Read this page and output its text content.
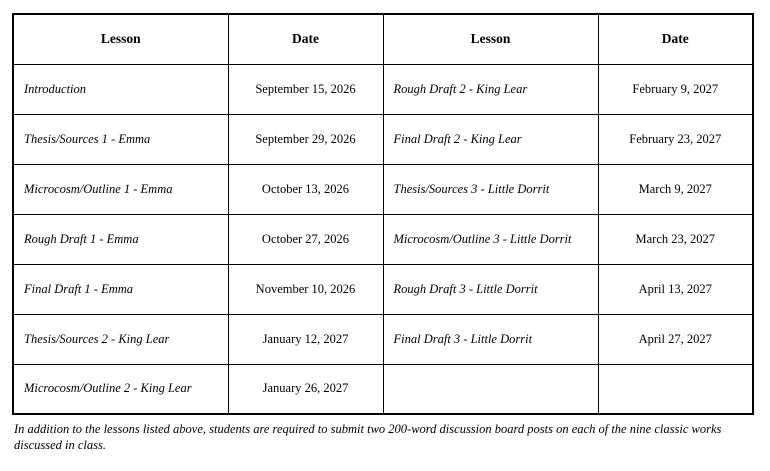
Lesson	Date	Lesson	Date
Introduction	September 15, 2026	Rough Draft 2 - King Lear	February 9, 2027
Thesis/Sources 1 - Emma	September 29, 2026	Final Draft 2 - King Lear	February 23, 2027
Microcosm/Outline 1 - Emma	October 13, 2026	Thesis/Sources 3 - Little Dorrit	March 9, 2027
Rough Draft 1 - Emma	October 27, 2026	Microcosm/Outline 3 - Little Dorrit	March 23, 2027
Final Draft 1 - Emma	November 10, 2026	Rough Draft 3 - Little Dorrit	April 13, 2027
Thesis/Sources 2 - King Lear	January 12, 2027	Final Draft 3 - Little Dorrit	April 27, 2027
Microcosm/Outline 2 - King Lear	January 26, 2027		
In addition to the lessons listed above, students are required to submit two 200-word discussion board posts on each of the nine classic works discussed in class.
